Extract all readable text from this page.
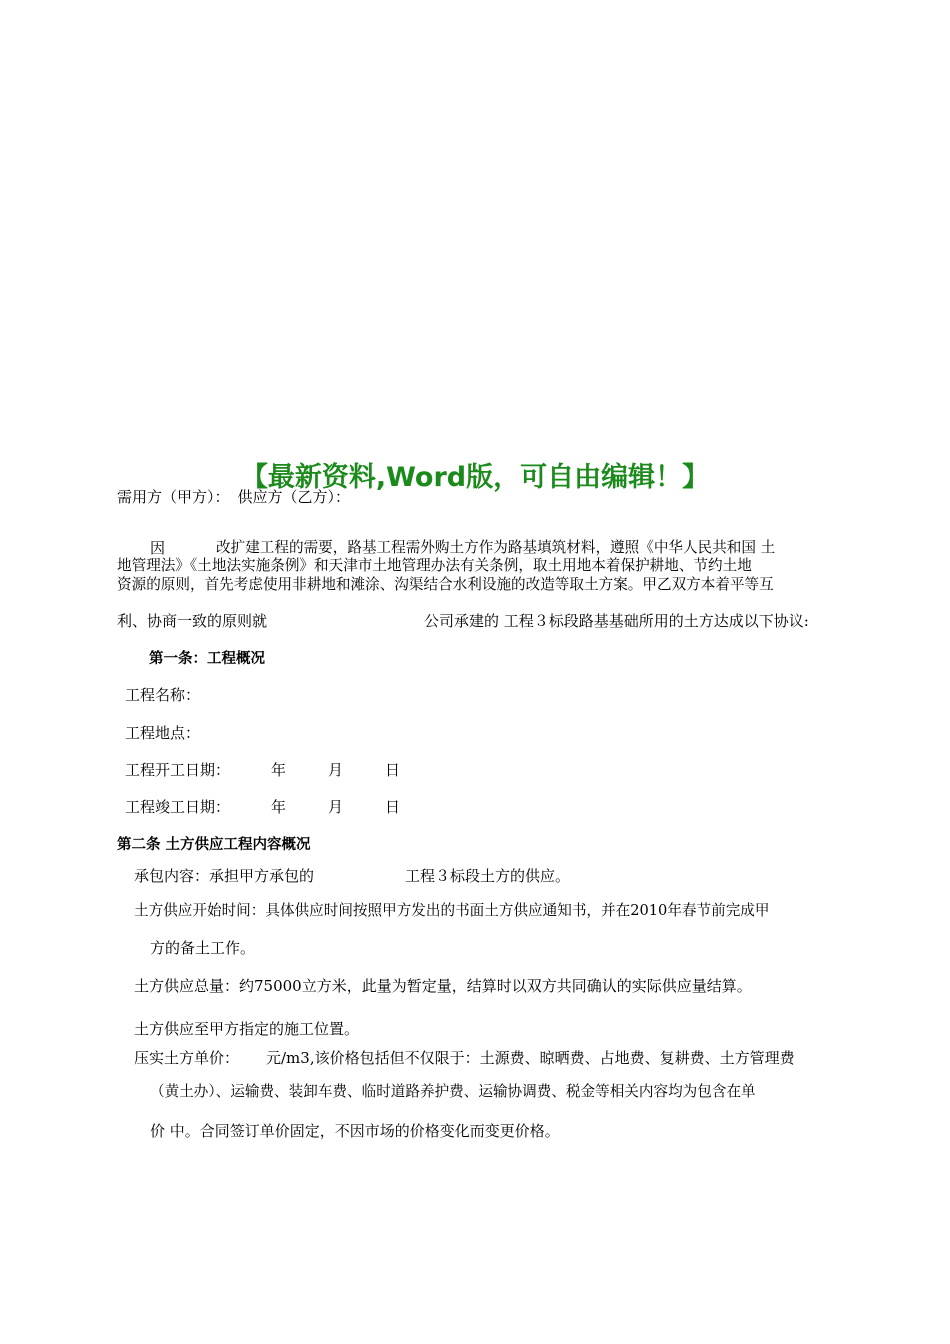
【最新资料,Word版，可自由编辑！】
需用方（甲方）： 供应方（乙方）：
因	改扩建工程的需要，路基工程需外购土方作为路基填筑材料，遵照《中华人民共和国 土
地管理法》《土地法实施条例》和天津市土地管理办法有关条例，取土用地本着保护耕地、节约土地
资源的原则，首先考虑使用非耕地和滩涂、沟渠结合水利设施的改造等取土方案。甲乙双方本着平等互
利、协商一致的原则就	公司承建的 工程３标段路基基础所用的土方达成以下协议:
第一条：工程概况
工程名称：
工程地点：
工程开工日期：	年	月	日
工程竣工日期：	年	月	日
第二条 土方供应工程内容概况
承包内容：承担甲方承包的	工程３标段土方的供应。
土方供应开始时间：具体供应时间按照甲方发出的书面土方供应通知书，并在2010年春节前完成甲
方的备土工作。
土方供应总量：约75000立方米，此量为暂定量，结算时以双方共同确认的实际供应量结算。
土方供应至甲方指定的施工位置。
压实土方单价： 元/m3,该价格包括但不仅限于：土源费、晾晒费、占地费、复耕费、土方管理费
（黄土办）、运输费、装卸车费、临时道路养护费、运输协调费、税金等相关内容均为包含在单
价 中。合同签订单价固定，不因市场的价格变化而变更价格。
